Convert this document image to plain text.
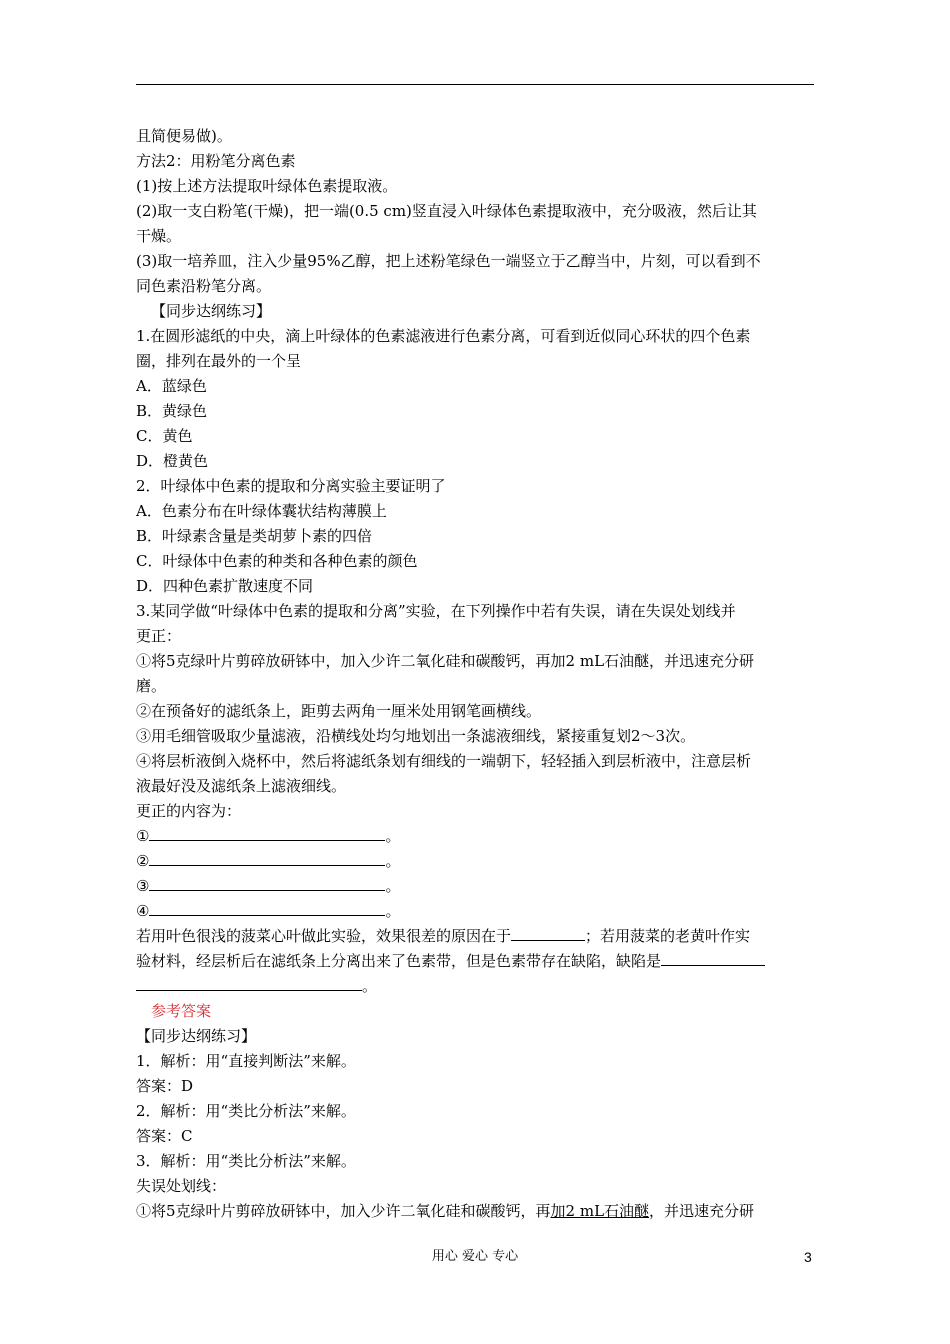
且简便易做)。
方法2：用粉笔分离色素
(1)按上述方法提取叶绿体色素提取液。
(2)取一支白粉笔(干燥)，把一端(0.5 cm)竖直浸入叶绿体色素提取液中，充分吸液，然后让其
干燥。
(3)取一培养皿，注入少量95%乙醇，把上述粉笔绿色一端竖立于乙醇当中，片刻，可以看到不
同色素沿粉笔分离。
【同步达纲练习】
1.在圆形滤纸的中央，滴上叶绿体的色素滤液进行色素分离，可看到近似同心环状的四个色素
圈，排列在最外的一个呈
A．蓝绿色
B．黄绿色
C．黄色
D．橙黄色
2．叶绿体中色素的提取和分离实验主要证明了
A．色素分布在叶绿体囊状结构薄膜上
B．叶绿素含量是类胡萝卜素的四倍
C．叶绿体中色素的种类和各种色素的颜色
D．四种色素扩散速度不同
3.某同学做“叶绿体中色素的提取和分离”实验，在下列操作中若有失误，请在失误处划线并
更正：
①将5克绿叶片剪碎放研钵中，加入少许二氧化硅和碳酸钙，再加2 mL石油醚，并迅速充分研
磨。
②在预备好的滤纸条上，距剪去两角一厘米处用钢笔画横线。
③用毛细管吸取少量滤液，沿横线处均匀地划出一条滤液细线，紧接重复划2～3次。
④将层析液倒入烧杯中，然后将滤纸条划有细线的一端朝下，轻轻插入到层析液中，注意层析
液最好没及滤纸条上滤液细线。
更正的内容为：
①	。
②	。
③	。
④	。
若用叶色很浅的菠菜心叶做此实验，效果很差的原因在于	；若用菠菜的老黄叶作实
验材料，经层析后在滤纸条上分离出来了色素带，但是色素带存在缺陷，缺陷是
。
参考答案
【同步达纲练习】
1．解析：用“直接判断法”来解。
答案：D
2．解析：用“类比分析法”来解。
答案：C
3．解析：用“类比分析法”来解。
失误处划线：
①将5克绿叶片剪碎放研钵中，加入少许二氧化硅和碳酸钙，再加2 mL石油醚，并迅速充分研
用心 爱心 专心	3
